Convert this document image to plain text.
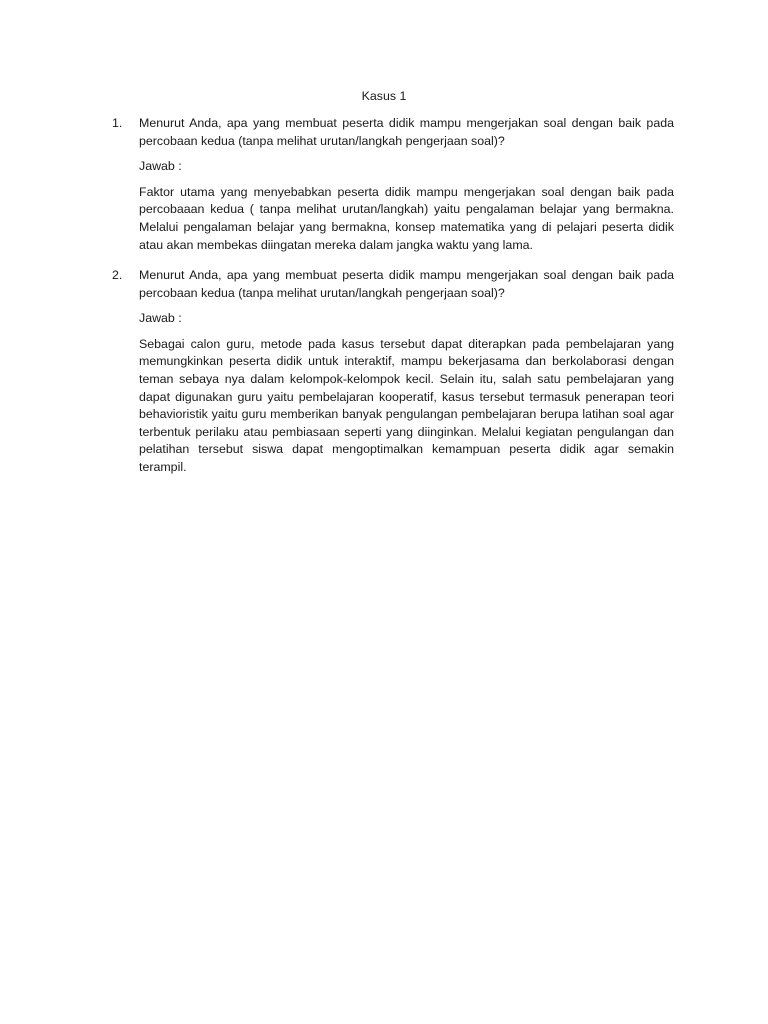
Kasus 1
1.	Menurut Anda, apa yang membuat peserta didik mampu mengerjakan soal dengan baik pada percobaan kedua (tanpa melihat urutan/langkah pengerjaan soal)?

Jawab :

Faktor utama yang menyebabkan peserta didik mampu mengerjakan soal dengan baik pada percobaaan kedua ( tanpa melihat urutan/langkah) yaitu pengalaman belajar yang bermakna. Melalui pengalaman belajar yang bermakna, konsep matematika yang di pelajari peserta didik atau akan membekas diingatan mereka dalam jangka waktu yang lama.

2.	Menurut Anda, apa yang membuat peserta didik mampu mengerjakan soal dengan baik pada percobaan kedua (tanpa melihat urutan/langkah pengerjaan soal)?

Jawab :

Sebagai calon guru, metode pada kasus tersebut dapat diterapkan pada pembelajaran yang memungkinkan peserta didik untuk interaktif, mampu bekerjasama dan berkolaborasi dengan teman sebaya nya dalam kelompok-kelompok kecil. Selain itu, salah satu pembelajaran yang dapat digunakan guru yaitu pembelajaran kooperatif, kasus tersebut termasuk penerapan teori behavioristik yaitu guru memberikan banyak pengulangan pembelajaran berupa latihan soal agar terbentuk perilaku atau pembiasaan seperti yang diinginkan. Melalui kegiatan pengulangan dan pelatihan tersebut siswa dapat mengoptimalkan kemampuan peserta didik agar semakin terampil.
